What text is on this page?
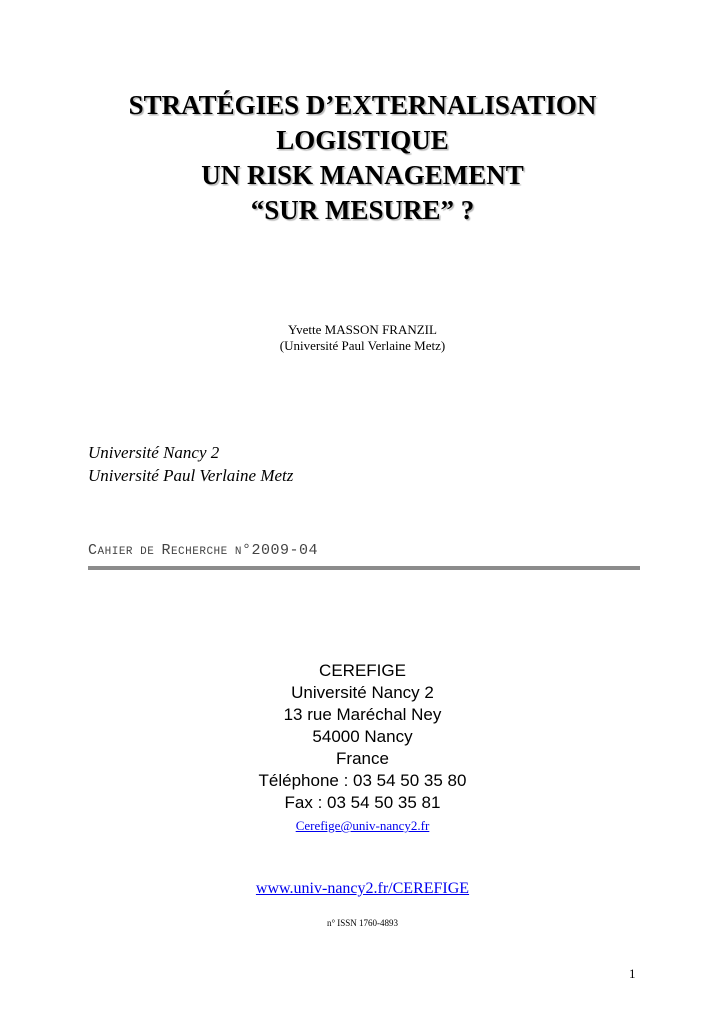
STRATÉGIES D’EXTERNALISATION
LOGISTIQUE
UN RISK MANAGEMENT
“SUR MESURE” ?
Yvette MASSON FRANZIL
(Université Paul Verlaine Metz)
Université Nancy 2
Université Paul Verlaine Metz
CAHIER DE RECHERCHE N°2009-04
CEREFIGE
Université Nancy 2
13 rue Maréchal Ney
54000 Nancy
France
Téléphone : 03 54 50 35 80
Fax : 03 54 50 35 81
Cerefige@univ-nancy2.fr
www.univ-nancy2.fr/CEREFIGE
n° ISSN 1760-4893
1
